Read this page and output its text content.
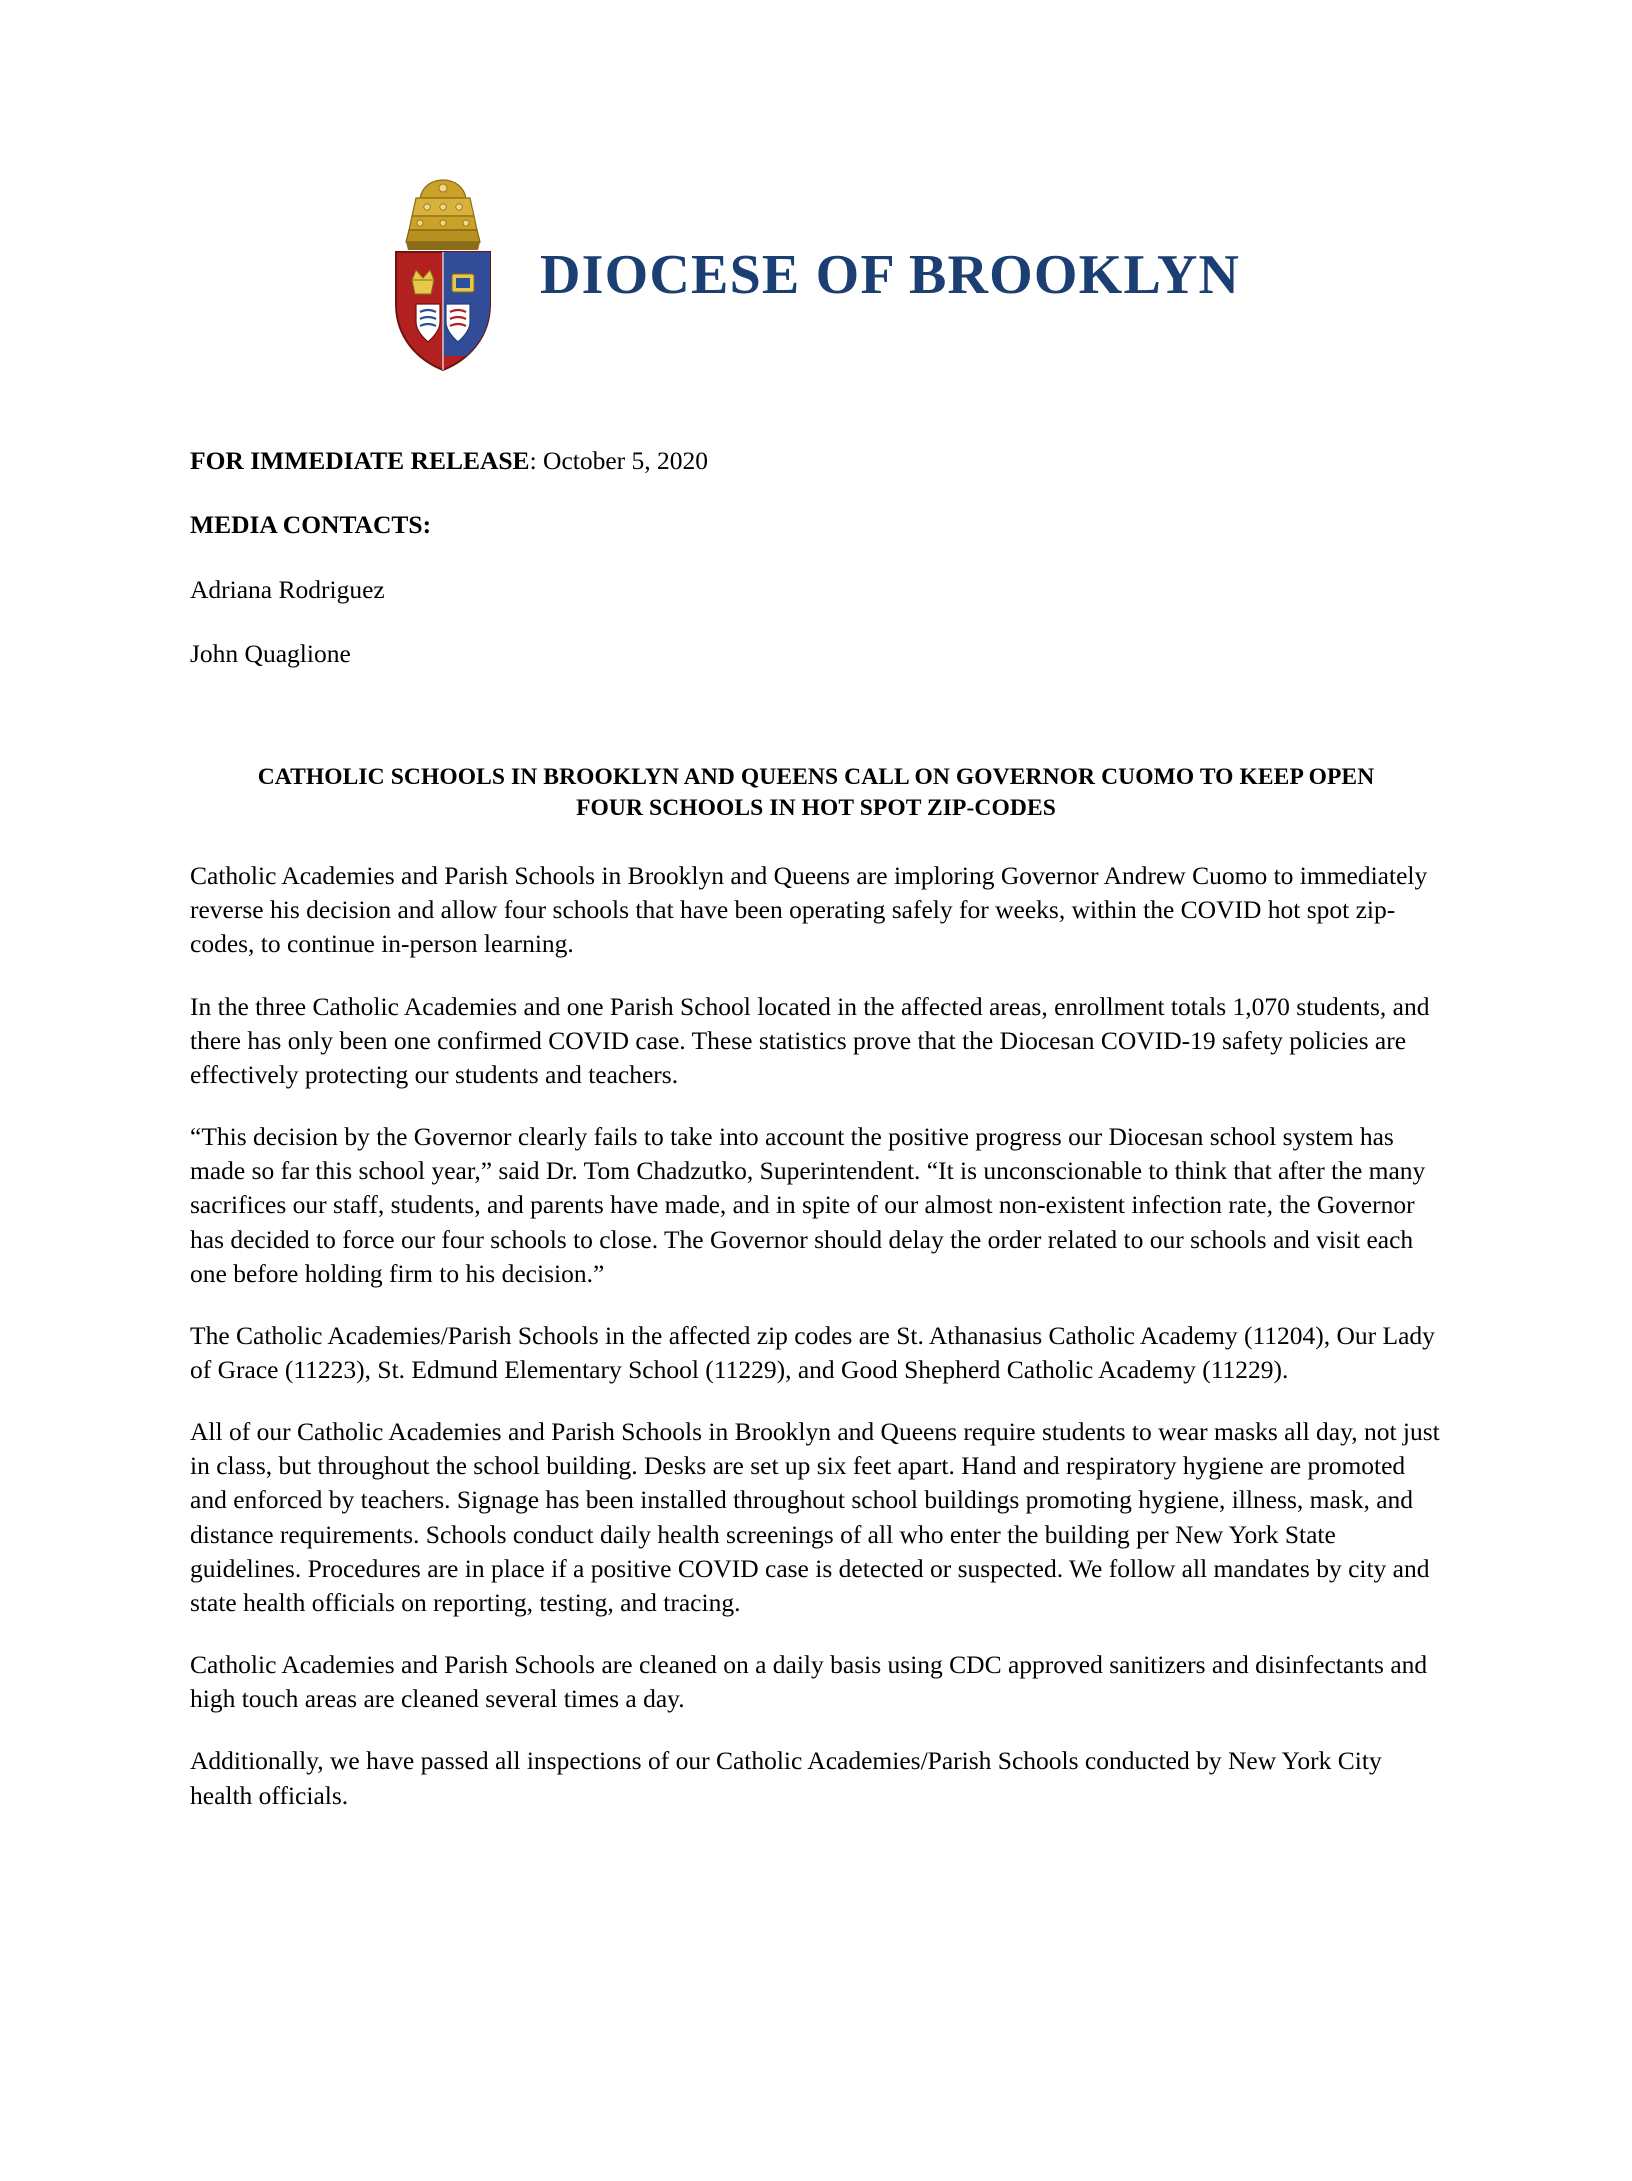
DIOCESE OF BROOKLYN

FOR IMMEDIATE RELEASE: October 5, 2020

MEDIA CONTACTS:

Adriana Rodriguez

John Quaglione

CATHOLIC SCHOOLS IN BROOKLYN AND QUEENS CALL ON GOVERNOR CUOMO TO KEEP OPEN FOUR SCHOOLS IN HOT SPOT ZIP-CODES

Catholic Academies and Parish Schools in Brooklyn and Queens are imploring Governor Andrew Cuomo to immediately reverse his decision and allow four schools that have been operating safely for weeks, within the COVID hot spot zip-codes, to continue in-person learning.

In the three Catholic Academies and one Parish School located in the affected areas, enrollment totals 1,070 students, and there has only been one confirmed COVID case. These statistics prove that the Diocesan COVID-19 safety policies are effectively protecting our students and teachers.

“This decision by the Governor clearly fails to take into account the positive progress our Diocesan school system has made so far this school year,” said Dr. Tom Chadzutko, Superintendent. “It is unconscionable to think that after the many sacrifices our staff, students, and parents have made, and in spite of our almost non-existent infection rate, the Governor has decided to force our four schools to close. The Governor should delay the order related to our schools and visit each one before holding firm to his decision.”

The Catholic Academies/Parish Schools in the affected zip codes are St. Athanasius Catholic Academy (11204), Our Lady of Grace (11223), St. Edmund Elementary School (11229), and Good Shepherd Catholic Academy (11229).

All of our Catholic Academies and Parish Schools in Brooklyn and Queens require students to wear masks all day, not just in class, but throughout the school building. Desks are set up six feet apart. Hand and respiratory hygiene are promoted and enforced by teachers. Signage has been installed throughout school buildings promoting hygiene, illness, mask, and distance requirements. Schools conduct daily health screenings of all who enter the building per New York State guidelines. Procedures are in place if a positive COVID case is detected or suspected. We follow all mandates by city and state health officials on reporting, testing, and tracing.

Catholic Academies and Parish Schools are cleaned on a daily basis using CDC approved sanitizers and disinfectants and high touch areas are cleaned several times a day.

Additionally, we have passed all inspections of our Catholic Academies/Parish Schools conducted by New York City health officials.
